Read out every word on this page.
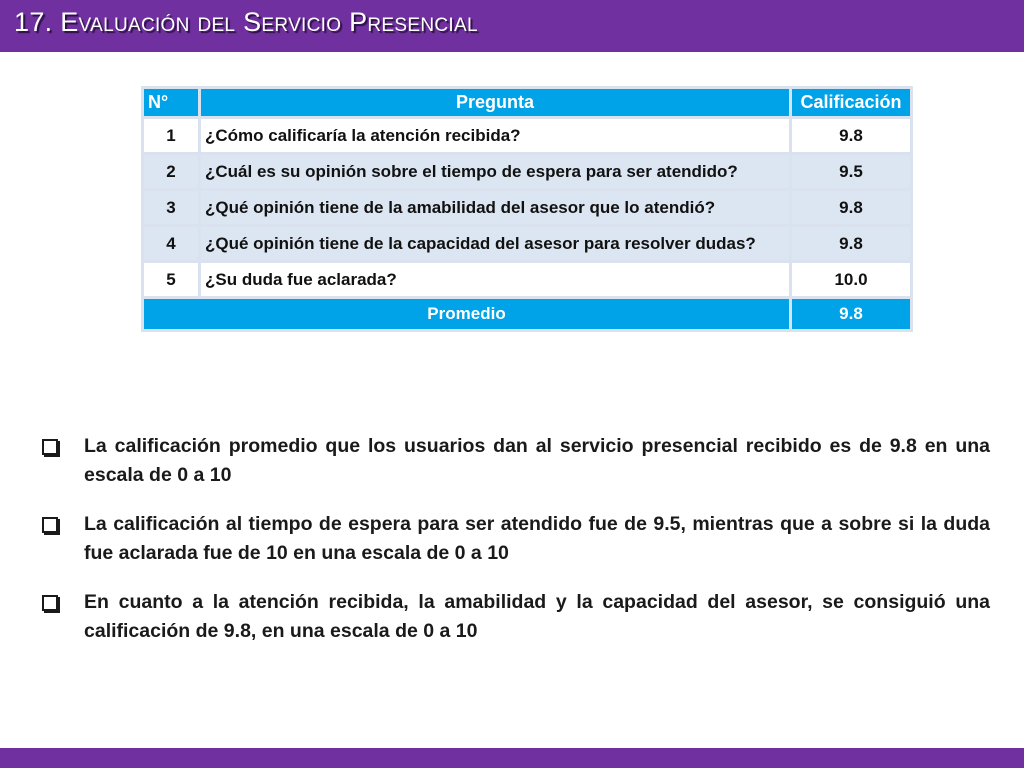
17. Evaluación del Servicio Presencial
N°	Pregunta	Calificación
1	¿Cómo calificaría la atención recibida?	9.8
2	¿Cuál es su opinión sobre el tiempo de espera para ser atendido?	9.5
3	¿Qué opinión tiene de la amabilidad del asesor que lo atendió?	9.8
4	¿Qué opinión tiene de la capacidad del asesor para resolver dudas?	9.8
5	¿Su duda fue aclarada?	10.0
Promedio		9.8
La calificación promedio que los usuarios dan al servicio presencial recibido es de 9.8 en una escala de 0 a 10
La calificación al tiempo de espera para ser atendido fue de 9.5, mientras que a sobre si la duda fue aclarada fue de 10 en una escala de 0 a 10
En cuanto a la atención recibida, la amabilidad y la capacidad del asesor, se consiguió una calificación de 9.8, en una escala de 0 a 10
